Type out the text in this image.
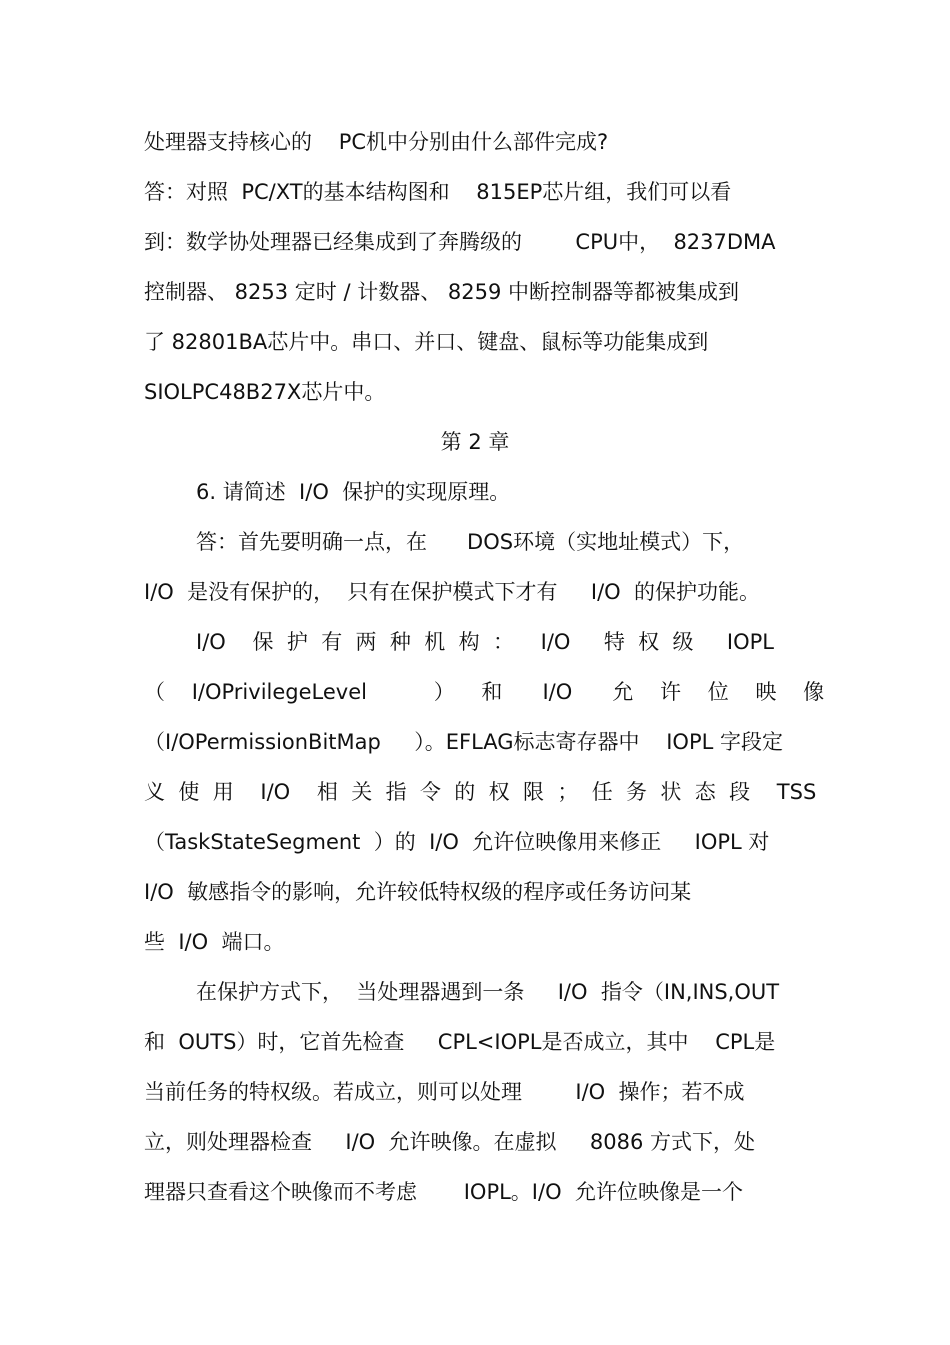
处理器支持核心的    PC机中分别由什么部件完成?
答：对照  PC/XT的基本结构图和    815EP芯片组，我们可以看
到：数学协处理器已经集成到了奔腾级的        CPU中，  8237DMA
控制器、 8253 定时 / 计数器、 8259 中断控制器等都被集成到
了 82801BA芯片中。串口、并口、键盘、鼠标等功能集成到
SIOLPC48B27X芯片中。
第 2 章
6. 请简述  I/O  保护的实现原理。
答：首先要明确一点，在      DOS环境（实地址模式）下，
I/O  是没有保护的，  只有在保护模式下才有     I/O  的保护功能。
I/O    保  护  有  两  种  机  构  ：    I/O     特  权  级     IOPL
（    I/OPrivilegeLevel          ）    和      I/O      允    许    位    映    像
（I/OPermissionBitMap     ）。EFLAG标志寄存器中    IOPL 字段定
义  使  用    I/O    相  关  指  令  的  权  限  ；  任  务  状  态  段    TSS
（TaskStateSegment  ）的  I/O  允许位映像用来修正     IOPL 对
I/O  敏感指令的影响，允许较低特权级的程序或任务访问某
些  I/O  端口。
在保护方式下，  当处理器遇到一条     I/O  指令（IN,INS,OUT
和  OUTS）时，它首先检查     CPL<IOPL是否成立，其中    CPL是
当前任务的特权级。若成立，则可以处理        I/O  操作；若不成
立，则处理器检查     I/O  允许映像。在虚拟     8086 方式下，处
理器只查看这个映像而不考虑       IOPL。I/O  允许位映像是一个
